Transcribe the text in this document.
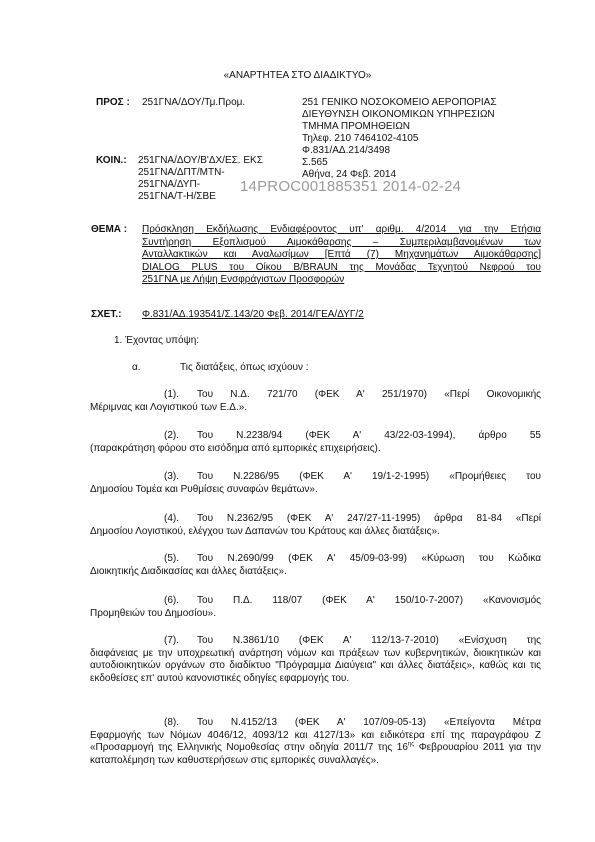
«ΑΝΑΡΤΗΤΕΑ ΣΤΟ ΔΙΑΔΙΚΤΥΟ»
ΠΡΟΣ : 251ΓΝΑ/ΔΟΥ/Τμ.Προμ.	251 ΓΕΝΙΚΟ ΝΟΣΟΚΟΜΕΙΟ ΑΕΡΟΠΟΡΙΑΣ
ΔΙΕΥΘΥΝΣΗ ΟΙΚΟΝΟΜΙΚΩΝ ΥΠΗΡΕΣΙΩΝ
ΤΜΗΜΑ ΠΡΟΜΗΘΕΙΩΝ
Τηλεφ. 210 7464102-4105
Φ.831/ΑΔ.214/3498
Σ.565
Αθήνα, 24 Φεβ. 2014
ΚΟΙΝ.: 251ΓΝΑ/ΔΟΥ/Β'ΔΧ/ΕΣ. ΕΚΣ
251ΓΝΑ/ΔΠΤ/ΜΤΝ-
251ΓΝΑ/ΔΥΠ-
251ΓΝΑ/Τ-Η/ΣΒΕ
14PROC001885351 2014-02-24
ΘΕΜΑ : Πρόσκληση Εκδήλωσης Ενδιαφέροντος υπ' αριθμ. 4/2014 για την Ετήσια
Συντήρηση Εξοπλισμού Αιμοκάθαρσης – Συμπεριλαμβανομένων των
Ανταλλακτικών και Αναλωσίμων [Επτά (7) Μηχανημάτων Αιμοκάθαρσης]
DIALOG PLUS του Οίκου B/BRAUN της Μονάδας Τεχνητού Νεφρού του
251ΓΝΑ με Λήψη Ενσφράγιστων Προσφορών
ΣΧΕΤ.: Φ.831/ΑΔ.193541/Σ.143/20 Φεβ. 2014/ΓΕΑ/ΔΥΓ/2
1. Έχοντας υπόψη:
α.	Τις διατάξεις, όπως ισχύουν :
(1). Του Ν.Δ. 721/70 (ΦΕΚ Α' 251/1970) «Περί Οικονομικής
Μέριμνας και Λογιστικού των Ε.Δ.».
(2). Του Ν.2238/94 (ΦΕΚ Α' 43/22-03-1994), άρθρο 55
(παρακράτηση φόρου στο εισόδημα από εμπορικές επιχειρήσεις).
(3). Του Ν.2286/95 (ΦΕΚ Α' 19/1-2-1995) «Προμήθειες του
Δημοσίου Τομέα και Ρυθμίσεις συναφών θεμάτων».
(4). Του Ν.2362/95 (ΦΕΚ Α' 247/27-11-1995) άρθρα 81-84 «Περί
Δημοσίου Λογιστικού, ελέγχου των Δαπανών του Κράτους και άλλες διατάξεις».
(5). Του Ν.2690/99 (ΦΕΚ Α' 45/09-03-99) «Κύρωση του Κώδικα
Διοικητικής Διαδικασίας και άλλες διατάξεις».
(6). Του Π.Δ. 118/07 (ΦΕΚ Α' 150/10-7-2007) «Κανονισμός
Προμηθειών του Δημοσίου».
(7). Του Ν.3861/10 (ΦΕΚ Α' 112/13-7-2010) «Ενίσχυση της
διαφάνειας με την υποχρεωτική ανάρτηση νόμων και πράξεων των κυβερνητικών, διοικητικών και αυτοδιοικητικών οργάνων στο διαδίκτυο "Πρόγραμμα Διαύγεια" και άλλες διατάξεις», καθώς και τις εκδοθείσες επ' αυτού κανονιστικές οδηγίες εφαρμογής του.
(8). Του Ν.4152/13 (ΦΕΚ Α' 107/09-05-13) «Επείγοντα Μέτρα
Εφαρμογής των Νόμων 4046/12, 4093/12 και 4127/13» και ειδικότερα επί της παραγράφου Ζ «Προσαρμογή της Ελληνικής Νομοθεσίας στην οδηγία 2011/7 της $16^{\eta\varsigma}$ Φεβρουαρίου 2011 για την καταπολέμηση των καθυστερήσεων στις εμπορικές συναλλαγές».
